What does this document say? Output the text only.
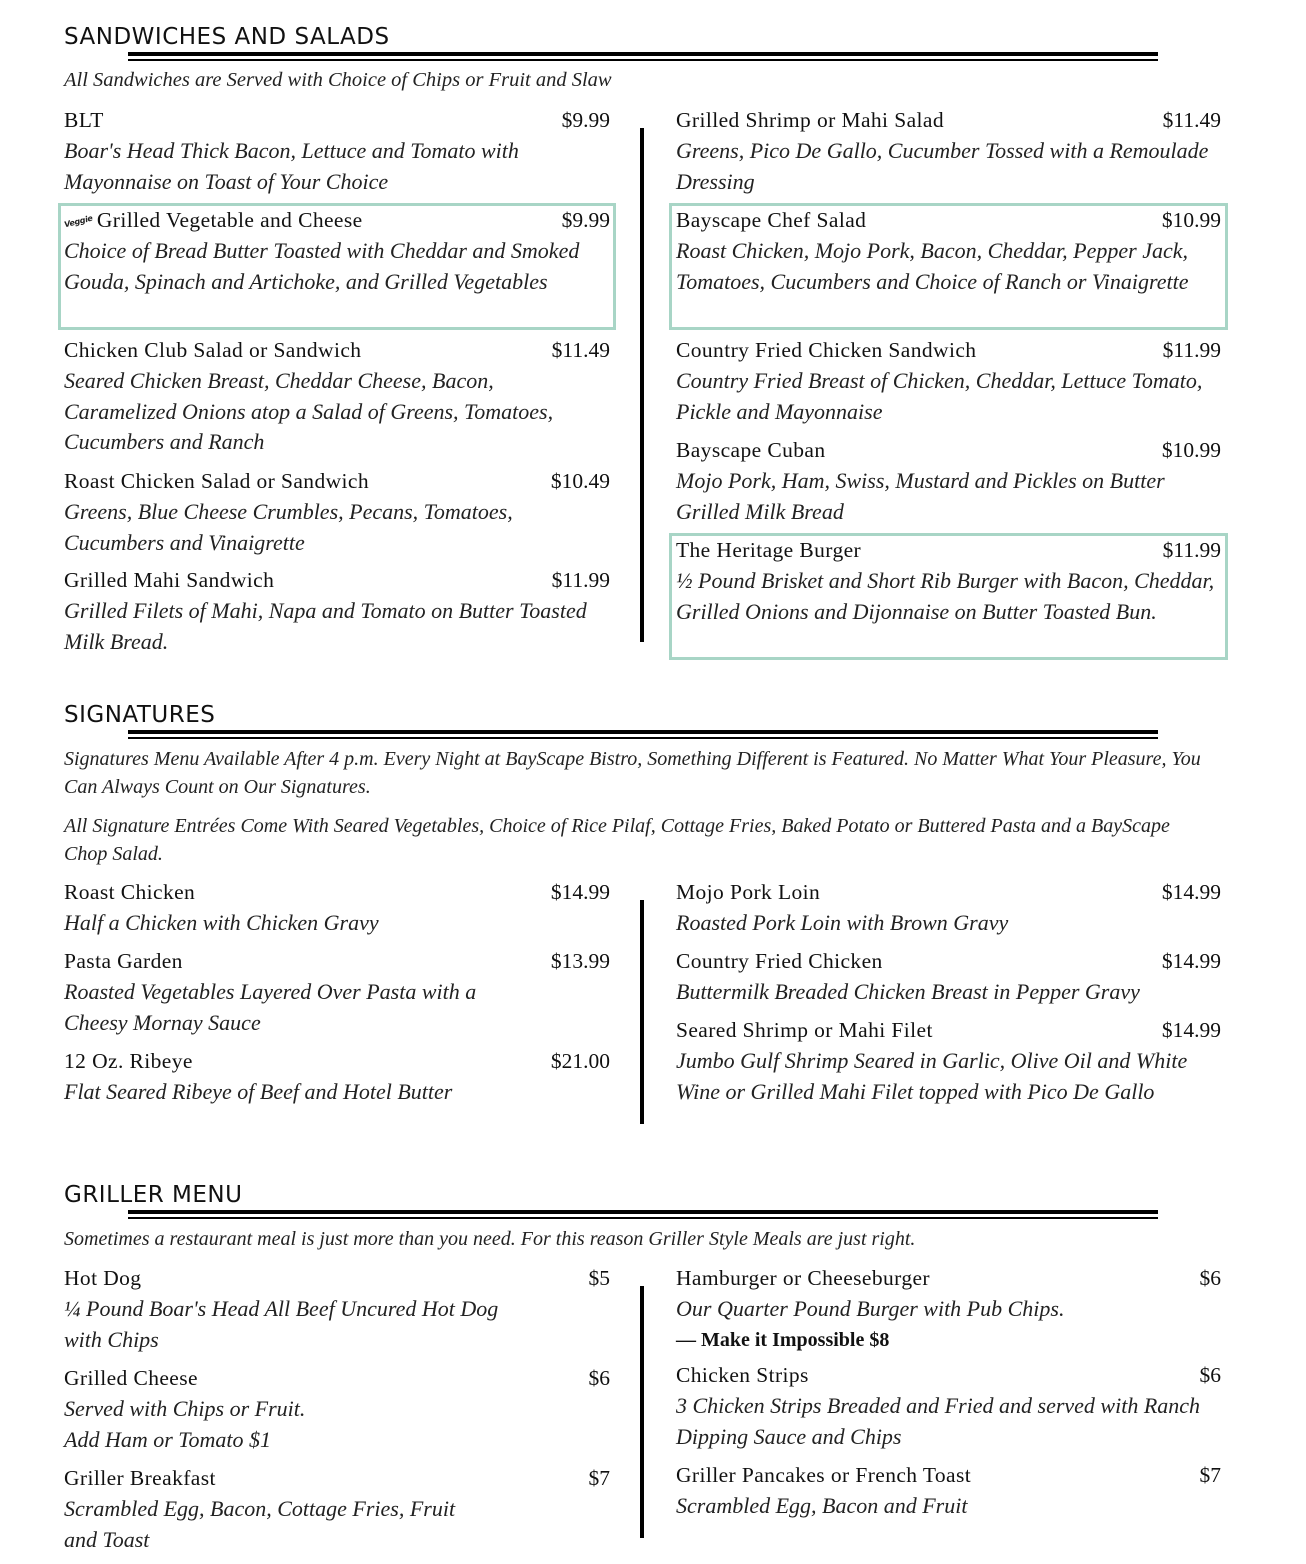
SANDWICHES AND SALADS
All Sandwiches are Served with Choice of Chips or Fruit and Slaw
BLT	$9.99
Boar's Head Thick Bacon, Lettuce and Tomato with Mayonnaise on Toast of Your Choice
Veggie Grilled Vegetable and Cheese	$9.99
Choice of Bread Butter Toasted with Cheddar and Smoked Gouda, Spinach and Artichoke, and Grilled Vegetables
Chicken Club Salad or Sandwich	$11.49
Seared Chicken Breast, Cheddar Cheese, Bacon, Caramelized Onions atop a Salad of Greens, Tomatoes, Cucumbers and Ranch
Roast Chicken Salad or Sandwich	$10.49
Greens, Blue Cheese Crumbles, Pecans, Tomatoes, Cucumbers and Vinaigrette
Grilled Mahi Sandwich	$11.99
Grilled Filets of Mahi, Napa and Tomato on Butter Toasted Milk Bread.
Grilled Shrimp or Mahi Salad	$11.49
Greens, Pico De Gallo, Cucumber Tossed with a Remoulade Dressing
Bayscape Chef Salad	$10.99
Roast Chicken, Mojo Pork, Bacon, Cheddar, Pepper Jack, Tomatoes, Cucumbers and Choice of Ranch or Vinaigrette
Country Fried Chicken Sandwich	$11.99
Country Fried Breast of Chicken, Cheddar, Lettuce Tomato, Pickle and Mayonnaise
Bayscape Cuban	$10.99
Mojo Pork, Ham, Swiss, Mustard and Pickles on Butter Grilled Milk Bread
The Heritage Burger	$11.99
½ Pound Brisket and Short Rib Burger with Bacon, Cheddar, Grilled Onions and Dijonnaise on Butter Toasted Bun.
SIGNATURES
Signatures Menu Available After 4 p.m. Every Night at BayScape Bistro, Something Different is Featured. No Matter What Your Pleasure, You Can Always Count on Our Signatures.
All Signature Entrées Come With Seared Vegetables, Choice of Rice Pilaf, Cottage Fries, Baked Potato or Buttered Pasta and a BayScape Chop Salad.
Roast Chicken	$14.99
Half a Chicken with Chicken Gravy
Pasta Garden	$13.99
Roasted Vegetables Layered Over Pasta with a Cheesy Mornay Sauce
12 Oz. Ribeye	$21.00
Flat Seared Ribeye of Beef and Hotel Butter
Mojo Pork Loin	$14.99
Roasted Pork Loin with Brown Gravy
Country Fried Chicken	$14.99
Buttermilk Breaded Chicken Breast in Pepper Gravy
Seared Shrimp or Mahi Filet	$14.99
Jumbo Gulf Shrimp Seared in Garlic, Olive Oil and White Wine or Grilled Mahi Filet topped with Pico De Gallo
GRILLER MENU
Sometimes a restaurant meal is just more than you need. For this reason Griller Style Meals are just right.
Hot Dog	$5
¼ Pound Boar's Head All Beef Uncured Hot Dog with Chips
Grilled Cheese	$6
Served with Chips or Fruit.
Add Ham or Tomato $1
Griller Breakfast	$7
Scrambled Egg, Bacon, Cottage Fries, Fruit and Toast
Hamburger or Cheeseburger	$6
Our Quarter Pound Burger with Pub Chips.
— Make it Impossible $8
Chicken Strips	$6
3 Chicken Strips Breaded and Fried and served with Ranch Dipping Sauce and Chips
Griller Pancakes or French Toast	$7
Scrambled Egg, Bacon and Fruit
